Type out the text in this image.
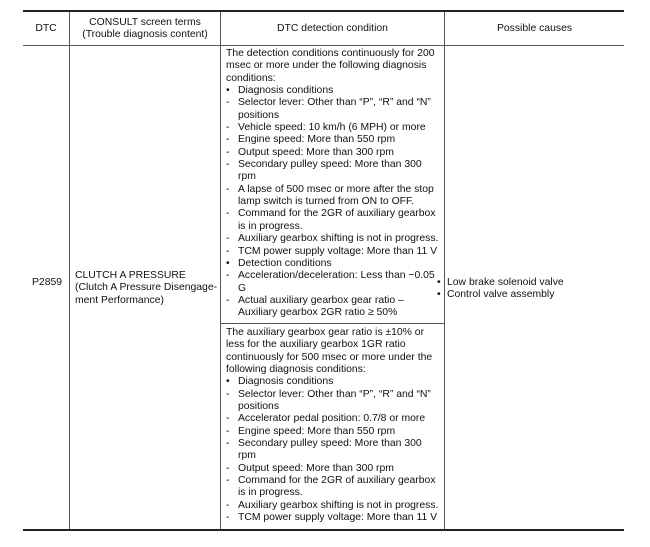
DTC
CONSULT screen terms
(Trouble diagnosis content)
DTC detection condition	Possible causes
P2859
CLUTCH A PRESSURE
(Clutch A Pressure Disengage-ment Performance)

The detection conditions continuously for 200 msec or more under the following diagnosis conditions:

• Diagnosis conditions
- Selector lever: Other than “P”, “R” and “N” positions
- Vehicle speed: 10 km/h (6 MPH) or more
- Engine speed: More than 550 rpm
- Output speed: More than 300 rpm
- Secondary pulley speed: More than 300 rpm
- A lapse of 500 msec or more after the stop lamp switch is turned from ON to OFF.
- Command for the 2GR of auxiliary gearbox is in progress.
- Auxiliary gearbox shifting is not in progress.
- TCM power supply voltage: More than 11 V
• Detection conditions
- Acceleration/deceleration: Less than −0.05 G
- Actual auxiliary gearbox gear ratio – Auxiliary gearbox 2GR ratio ≥ 50%

The auxiliary gearbox gear ratio is ±10% or less for the auxiliary gearbox 1GR ratio continuously for 500 msec or more under the following diagnosis conditions:

• Diagnosis conditions
- Selector lever: Other than “P”, “R” and “N” positions
- Accelerator pedal position: 0.7/8 or more
- Engine speed: More than 550 rpm
- Secondary pulley speed: More than 300 rpm
- Output speed: More than 300 rpm
- Command for the 2GR of auxiliary gearbox is in progress.
- Auxiliary gearbox shifting is not in progress.
- TCM power supply voltage: More than 11 V
• Low brake solenoid valve
• Control valve assembly
